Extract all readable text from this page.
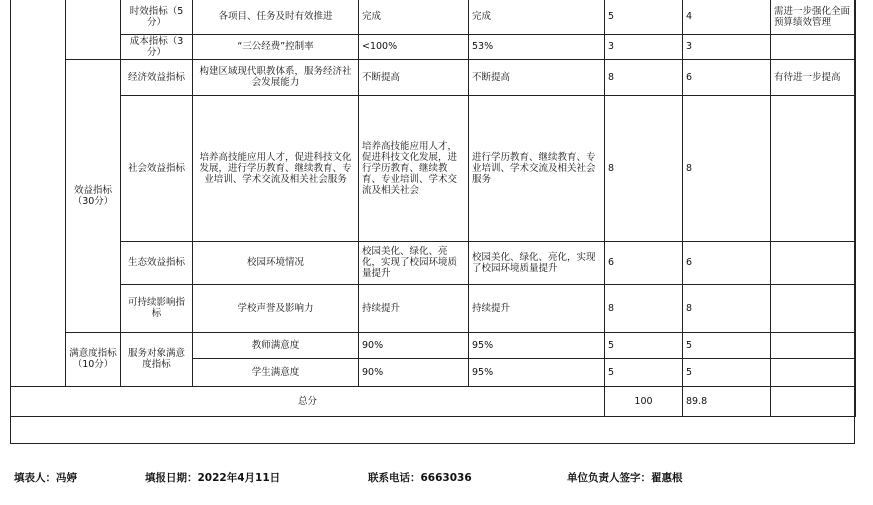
		时效指标（5分）	各项目、任务及时有效推进	完成	完成	5	4	需进一步强化全面预算绩效管理
		成本指标（3分）	“三公经费”控制率	<100%	53%	3	3	
	效益指标（30分）	经济效益指标	构建区域现代职教体系，服务经济社会发展能力	不断提高	不断提高	8	6	有待进一步提高
		社会效益指标	培养高技能应用人才，促进科技文化发展，进行学历教育、继续教育、专业培训、学术交流及相关社会服务	培养高技能应用人才，促进科技文化发展，进行学历教育、继续教育、专业培训、学术交流及相关社会	进行学历教育、继续教育、专业培训、学术交流及相关社会服务	8	8	
		生态效益指标	校园环境情况	校园美化、绿化、亮化，实现了校园环境质量提升	校园美化、绿化、亮化，实现了校园环境质量提升	6	6	
		可持续影响指标	学校声誉及影响力	持续提升	持续提升	8	8	
	满意度指标（10分）	服务对象满意度指标	教师满意度	90%	95%	5	5	
			学生满意度	90%	95%	5	5	
总分						100	89.8	
填表人：冯婷	填报日期：2022年4月11日	联系电话：6663036	单位负责人签字：翟惠根
